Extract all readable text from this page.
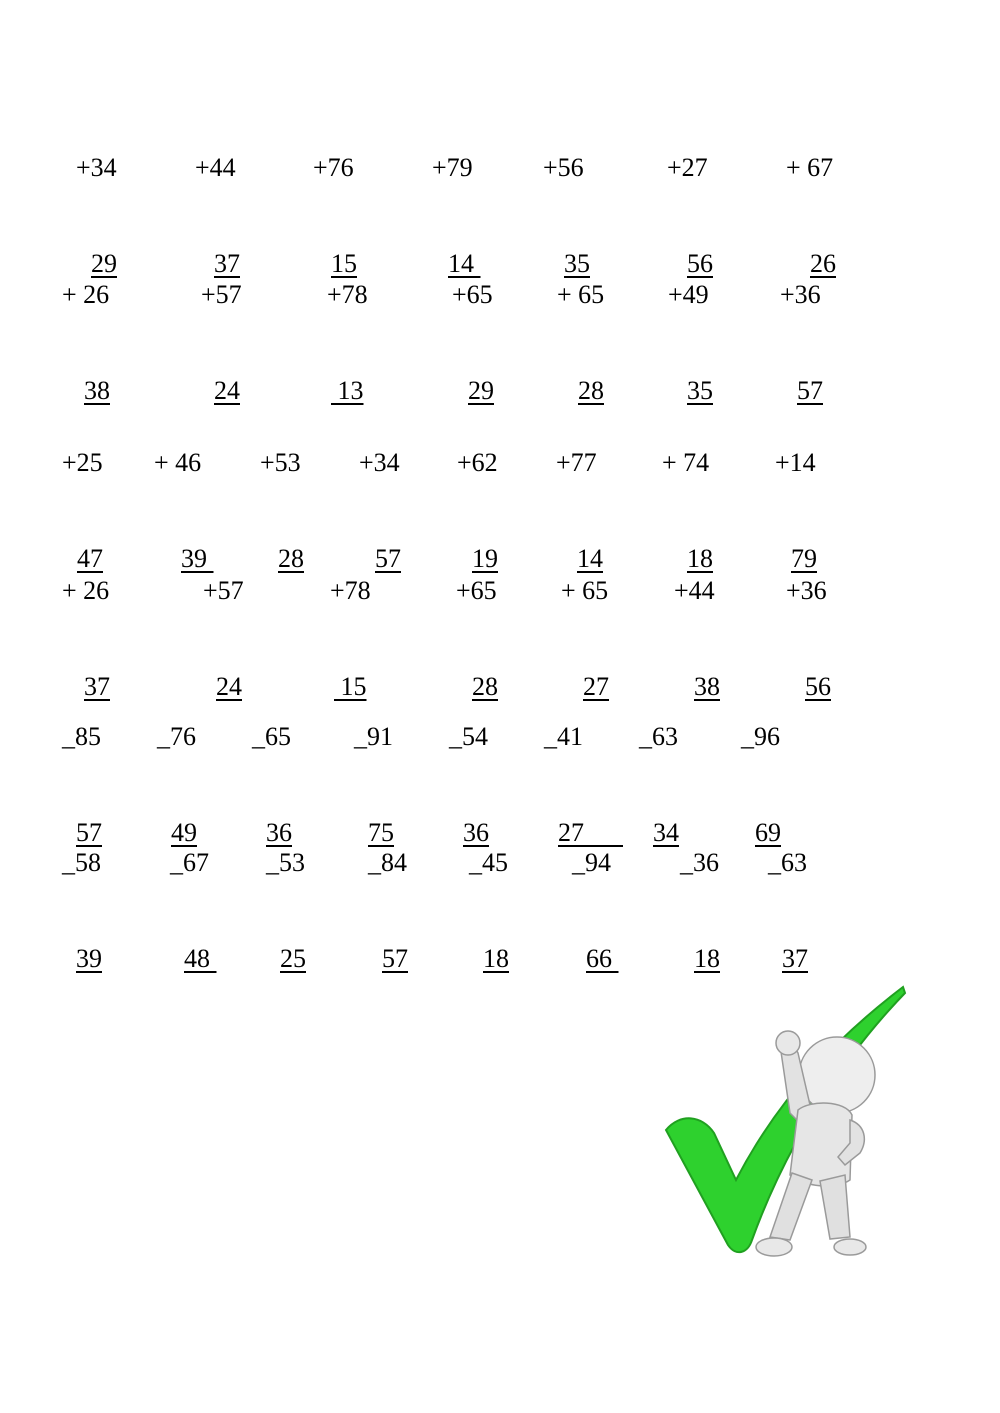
+34

29

+44

37

+76

15

+79

14

+56

35

+27

56

+ 67

26

+ 26

38

+57

24

+78

13

+65

29

+ 65

28

+49

35

+36

57

+25

47

+ 46

39

+53

28

+34

57

+62

19

+77

14

+ 74

18

+14

79

+ 26

37

+57

24

+78

15

+65

28

+ 65

27

+44

38

+36

56

_85

57

_76

49

_65

36

_91

75

_54

36

_41

27

_63

34

_96

69

_58

39

_67

48

_53

25

_84

57

_45

18

_94

66

_36

18

_63

37
